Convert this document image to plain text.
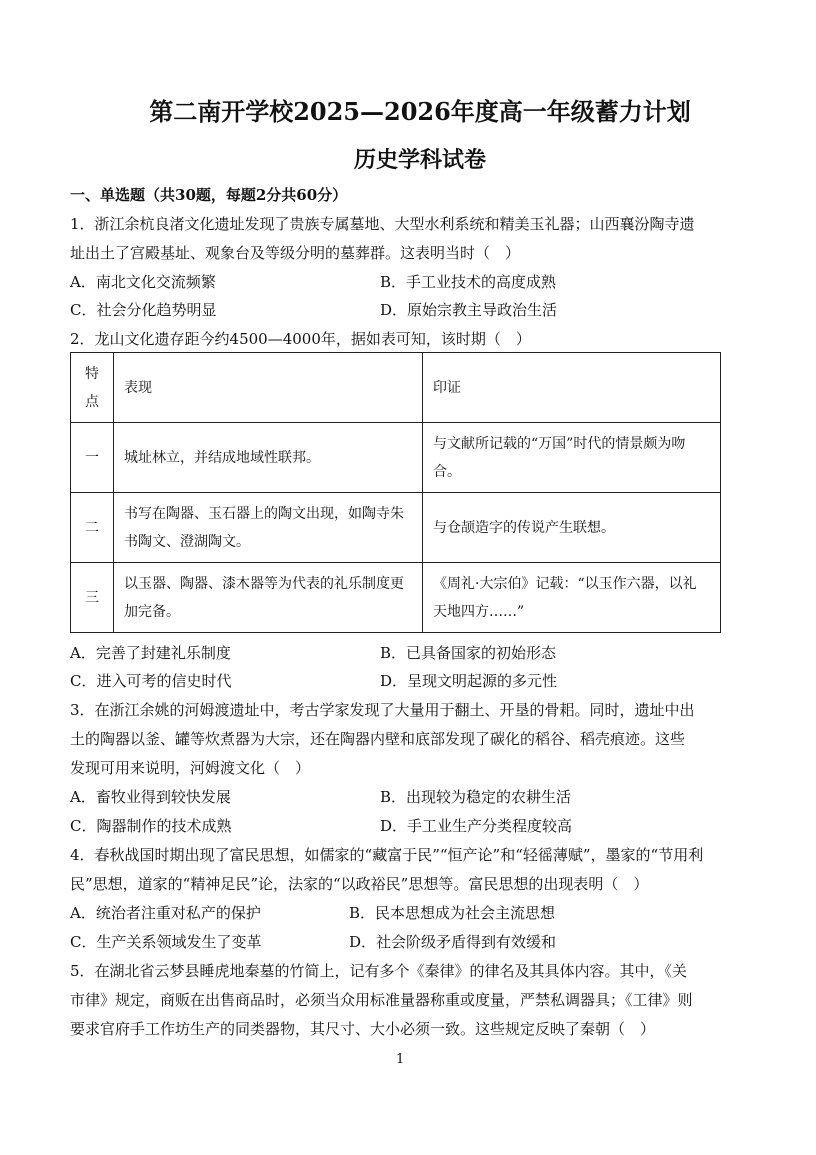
第二南开学校2025—2026年度高一年级蓄力计划
历史学科试卷
一、单选题（共30题，每题2分共60分）
1．浙江余杭良渚文化遗址发现了贵族专属墓地、大型水利系统和精美玉礼器；山西襄汾陶寺遗
址出土了宫殿基址、观象台及等级分明的墓葬群。这表明当时（　）
A．南北文化交流频繁	B．手工业技术的高度成熟
C．社会分化趋势明显	D．原始宗教主导政治生活
2．龙山文化遗存距今约4500—4000年，据如表可知，该时期（　）
特点	表现	印证
一	城址林立，并结成地域性联邦。	与文献所记载的“万国”时代的情景颇为吻合。
二	书写在陶器、玉石器上的陶文出现，如陶寺朱书陶文、澄湖陶文。	与仓颉造字的传说产生联想。
三	以玉器、陶器、漆木器等为代表的礼乐制度更加完备。	《周礼·大宗伯》记载：“以玉作六器，以礼天地四方……”
A．完善了封建礼乐制度	B．已具备国家的初始形态
C．进入可考的信史时代	D．呈现文明起源的多元性
3．在浙江余姚的河姆渡遗址中，考古学家发现了大量用于翻土、开垦的骨耜。同时，遗址中出
土的陶器以釜、罐等炊煮器为大宗，还在陶器内壁和底部发现了碳化的稻谷、稻壳痕迹。这些
发现可用来说明，河姆渡文化（　）
A．畜牧业得到较快发展	B．出现较为稳定的农耕生活
C．陶器制作的技术成熟	D．手工业生产分类程度较高
4．春秋战国时期出现了富民思想，如儒家的“藏富于民”“恒产论”和“轻徭薄赋”，墨家的“节用利
民”思想，道家的“精神足民”论，法家的“以政裕民”思想等。富民思想的出现表明（　）
A．统治者注重对私产的保护	B．民本思想成为社会主流思想
C．生产关系领域发生了变革	D．社会阶级矛盾得到有效缓和
5．在湖北省云梦县睡虎地秦墓的竹简上，记有多个《秦律》的律名及其具体内容。其中，《关
市律》规定，商贩在出售商品时，必须当众用标准量器称重或度量，严禁私调器具；《工律》则
要求官府手工作坊生产的同类器物，其尺寸、大小必须一致。这些规定反映了秦朝（　）
1
